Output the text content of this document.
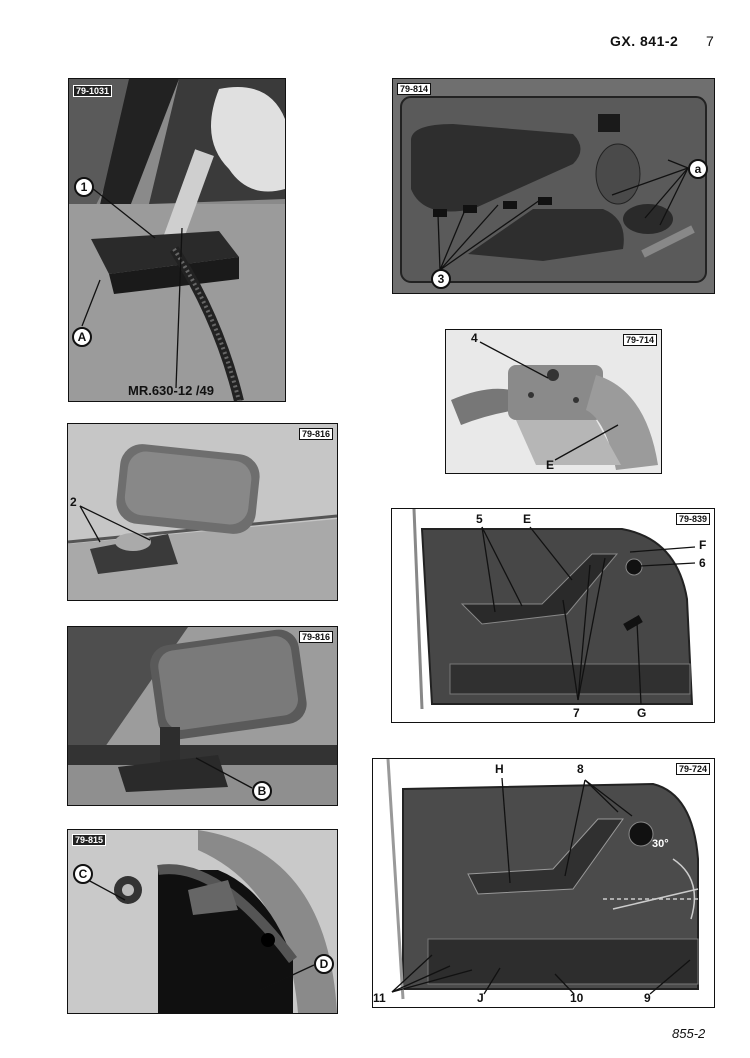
GX. 841-2 7
79-1031
79-816
79-816
79-815
79-814
79-714
79-839
79-724
1
A
MR.630-12 /49
2
B
C
D
a
3
4
E
5	E
F
6
7	G
H	8
30°
11	J	10	9
855-2
